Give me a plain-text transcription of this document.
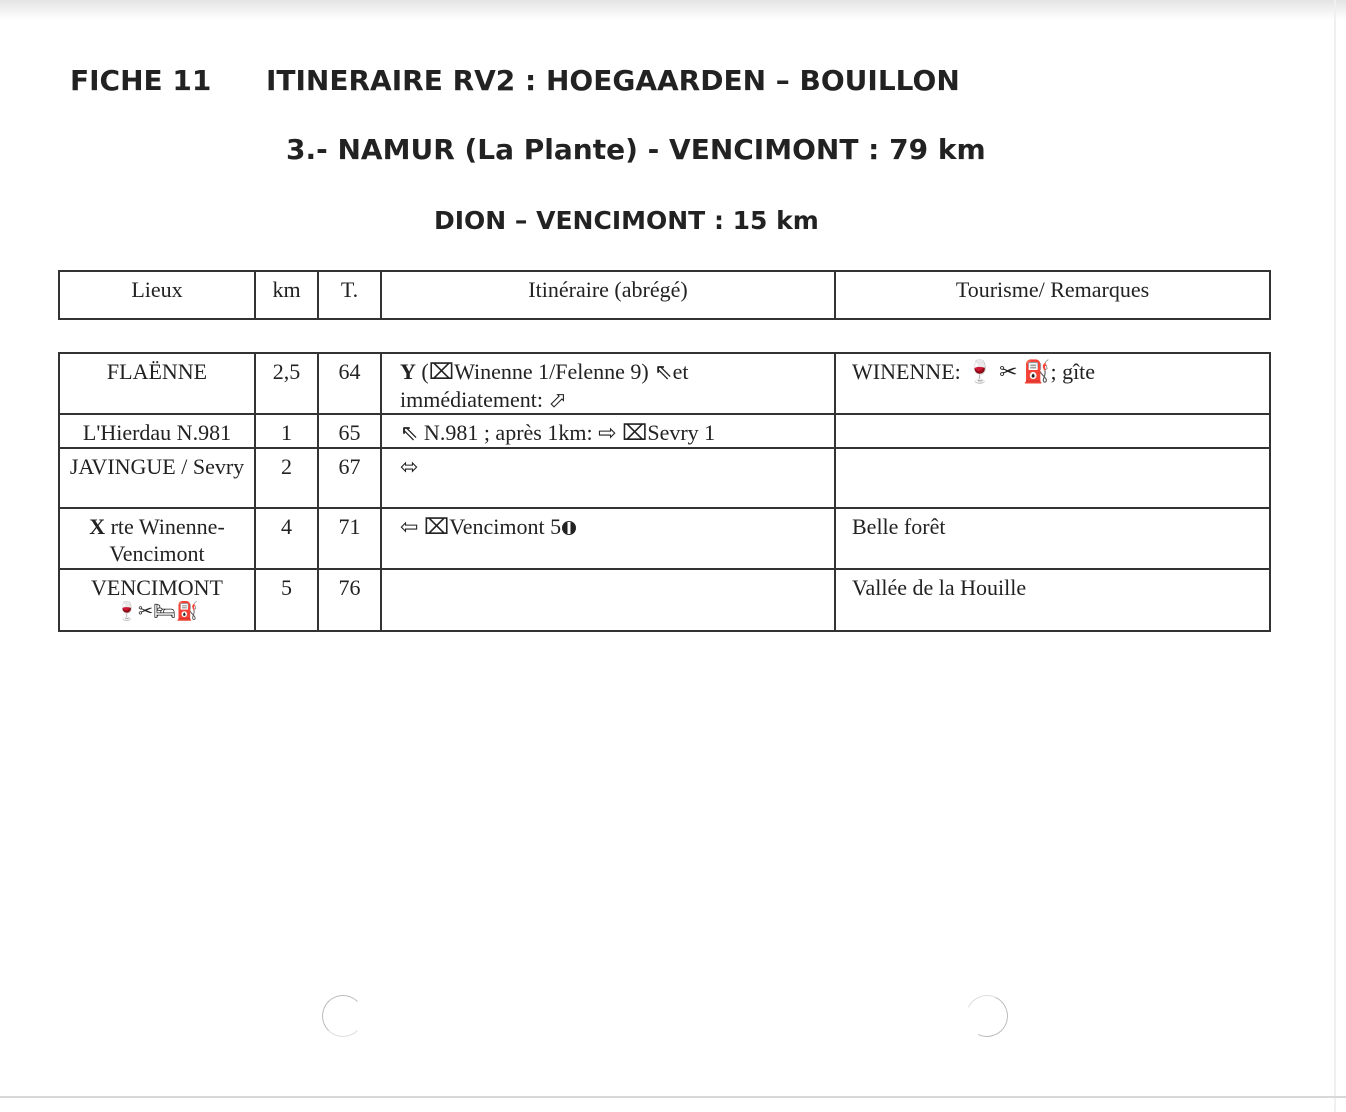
FICHE 11 ITINERAIRE RV2 : HOEGAARDEN – BOUILLON
3.- NAMUR (La Plante) - VENCIMONT : 79 km
DION – VENCIMONT : 15 km
Lieux	km	T.	Itinéraire (abrégé)	Tourisme/ Remarques
FLAËNNE	2,5	64	Y (⌧Winenne 1/Felenne 9) ⇖et immédiatement: ⬀	WINENNE: 🍷 ✂ ⛽; gîte
L'Hierdau N.981	1	65	⇖ N.981 ; après 1km: ⇨ ⌧Sevry 1	
JAVINGUE / Sevry	2	67	⬄	
X rte Winenne-Vencimont	4	71	⇦ ⌧Vencimont 5	Belle forêt

VENCIMONT
🍷✂🛏⛽	5	76		Vallée de la Houille
